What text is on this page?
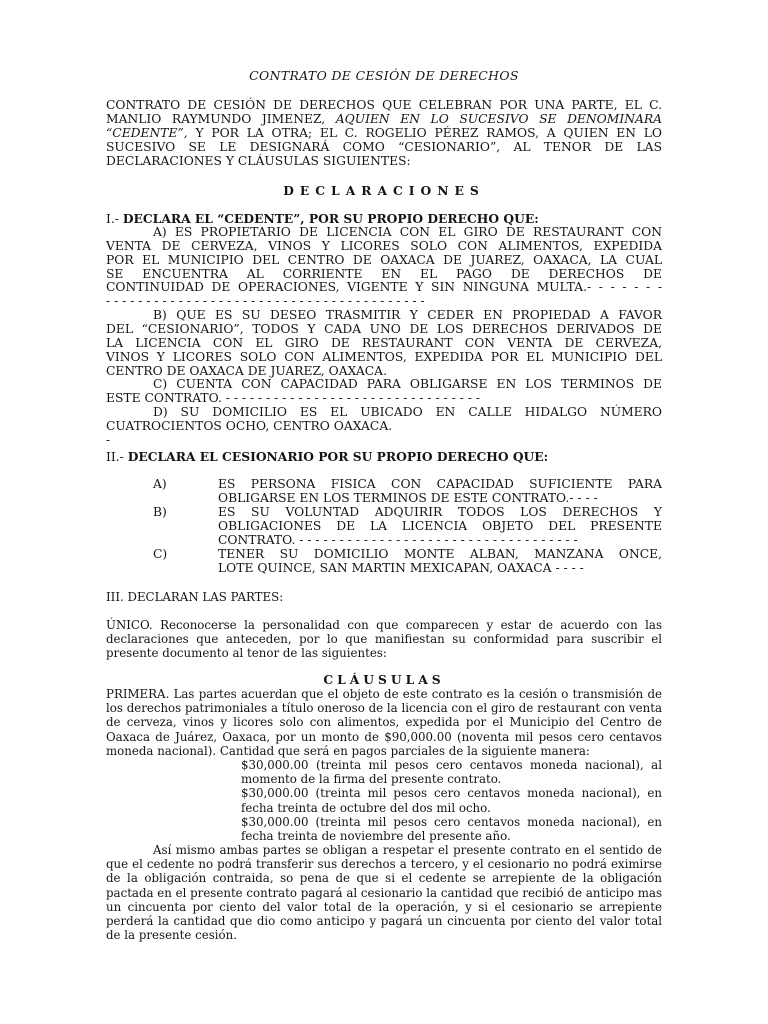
CONTRATO DE CESIÓN DE DERECHOS
CONTRATO DE CESIÓN DE DERECHOS QUE CELEBRAN POR UNA PARTE, EL C.
MANLIO RAYMUNDO JIMENEZ, AQUIEN EN LO SUCESIVO SE DENOMINARA
“CEDENTE”, Y POR LA OTRA; EL C. ROGELIO PÉREZ RAMOS, A QUIEN EN LO
SUCESIVO SE LE DESIGNARÁ COMO “CESIONARIO”, AL TENOR DE LAS
DECLARACIONES Y CLÁUSULAS SIGUIENTES:
DECLARACIONES
I.- DECLARA EL “CEDENTE”, POR SU PROPIO DERECHO QUE:
A) ES PROPIETARIO DE LICENCIA CON EL GIRO DE RESTAURANT CON
VENTA DE CERVEZA, VINOS Y LICORES SOLO CON ALIMENTOS, EXPEDIDA
POR EL MUNICIPIO DEL CENTRO DE OAXACA DE JUAREZ, OAXACA, LA CUAL
SE ENCUENTRA AL CORRIENTE EN EL PAGO DE DERECHOS DE
CONTINUIDAD DE OPERACIONES, VIGENTE Y SIN NINGUNA MULTA.- - - - - - -
- - - - - - - - - - - - - - - - - - - - - - - - - - - - - - - - - - - - - - - -
B) QUE ES SU DESEO TRASMITIR Y CEDER EN PROPIEDAD A FAVOR
DEL “CESIONARIO”, TODOS Y CADA UNO DE LOS DERECHOS DERIVADOS DE
LA LICENCIA CON EL GIRO DE RESTAURANT CON VENTA DE CERVEZA,
VINOS Y LICORES SOLO CON ALIMENTOS, EXPEDIDA POR EL MUNICIPIO DEL
CENTRO DE OAXACA DE JUAREZ, OAXACA.
C) CUENTA CON CAPACIDAD PARA OBLIGARSE EN LOS TERMINOS DE
ESTE CONTRATO. - - - - - - - - - - - - - - - - - - - - - - - - - - - - - - - -
D) SU DOMICILIO ES EL UBICADO EN CALLE HIDALGO NÚMERO
CUATROCIENTOS OCHO, CENTRO OAXACA.
-
II.- DECLARA EL CESIONARIO POR SU PROPIO DERECHO QUE:
A)	ES PERSONA FISICA CON CAPACIDAD SUFICIENTE PARA
OBLIGARSE EN LOS TERMINOS DE ESTE CONTRATO.- - - -
B)	ES SU VOLUNTAD ADQUIRIR TODOS LOS DERECHOS Y
OBLIGACIONES DE LA LICENCIA OBJETO DEL PRESENTE
CONTRATO. - - - - - - - - - - - - - - - - - - - - - - - - - - - - - - - - - - -
C)	TENER SU DOMICILIO MONTE ALBAN, MANZANA ONCE,
LOTE QUINCE, SAN MARTIN MEXICAPAN, OAXACA - - - -
III. DECLARAN LAS PARTES:
ÚNICO. Reconocerse la personalidad con que comparecen y estar de acuerdo con las
declaraciones que anteceden, por lo que manifiestan su conformidad para suscribir el
presente documento al tenor de las siguientes:
CLÁUSULAS
PRIMERA. Las partes acuerdan que el objeto de este contrato es la cesión o transmisión de
los derechos patrimoniales a título oneroso de la licencia con el giro de restaurant con venta
de cerveza, vinos y licores solo con alimentos, expedida por el Municipio del Centro de
Oaxaca de Juárez, Oaxaca, por un monto de $90,000.00 (noventa mil pesos cero centavos
moneda nacional). Cantidad que será en pagos parciales de la siguiente manera:
$30,000.00 (treinta mil pesos cero centavos moneda nacional), al
momento de la firma del presente contrato.
$30,000.00 (treinta mil pesos cero centavos moneda nacional), en
fecha treinta de octubre del dos mil ocho.
$30,000.00 (treinta mil pesos cero centavos moneda nacional), en
fecha treinta de noviembre del presente año.
Así mismo ambas partes se obligan a respetar el presente contrato en el sentido de
que el cedente no podrá transferir sus derechos a tercero, y el cesionario no podrá eximirse
de la obligación contraida, so pena de que si el cedente se arrepiente de la obligación
pactada en el presente contrato pagará al cesionario la cantidad que recibió de anticipo mas
un cincuenta por ciento del valor total de la operación, y si el cesionario se arrepiente
perderá la cantidad que dio como anticipo y pagará un cincuenta por ciento del valor total
de la presente cesión.
